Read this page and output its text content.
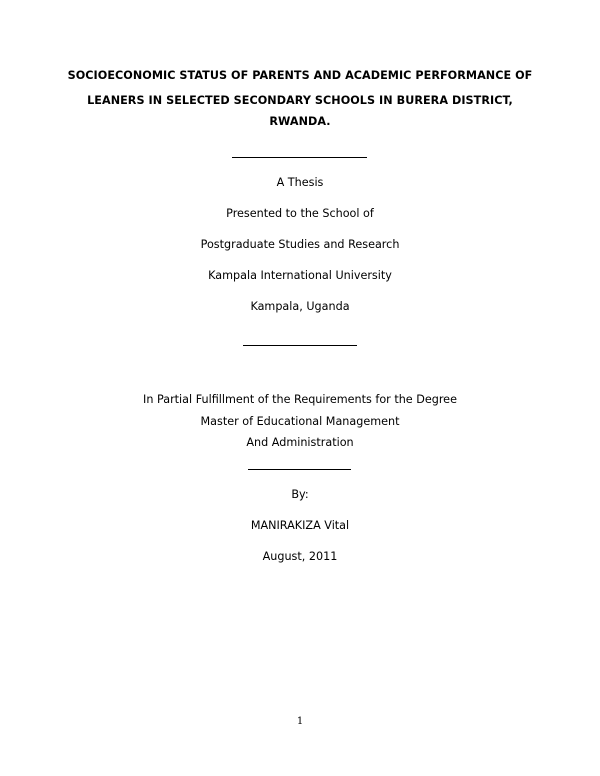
SOCIOECONOMIC STATUS OF PARENTS AND ACADEMIC PERFORMANCE OF
LEANERS IN SELECTED SECONDARY SCHOOLS IN BURERA DISTRICT,
RWANDA.
A Thesis
Presented to the School of
Postgraduate Studies and Research
Kampala International University
Kampala, Uganda
In Partial Fulfillment of the Requirements for the Degree
Master of Educational Management
And Administration
By:
MANIRAKIZA Vital
August, 2011
1
